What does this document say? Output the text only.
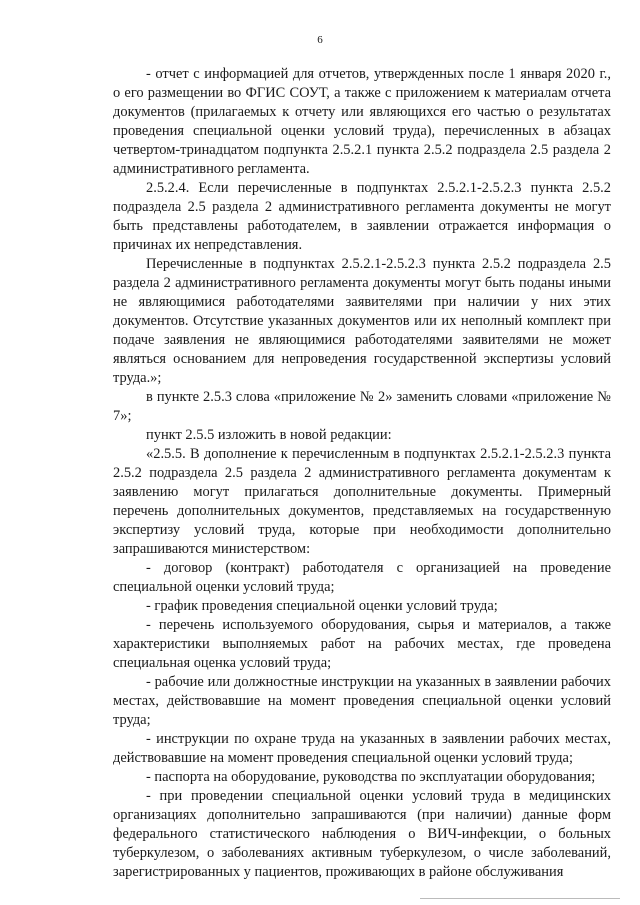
6

- отчет с информацией для отчетов, утвержденных после 1 января 2020 г., о его размещении во ФГИС СОУТ, а также с приложением к материалам отчета документов (прилагаемых к отчету или являющихся его частью о результатах проведения специальной оценки условий труда), перечисленных в абзацах четвертом-тринадцатом подпункта 2.5.2.1 пункта 2.5.2 подраздела 2.5 раздела 2 административного регламента.

2.5.2.4. Если перечисленные в подпунктах 2.5.2.1-2.5.2.3 пункта 2.5.2 подраздела 2.5 раздела 2 административного регламента документы не могут быть представлены работодателем, в заявлении отражается информация о причинах их непредставления.

Перечисленные в подпунктах 2.5.2.1-2.5.2.3 пункта 2.5.2 подраздела 2.5 раздела 2 административного регламента документы могут быть поданы иными не являющимися работодателями заявителями при наличии у них этих документов. Отсутствие указанных документов или их неполный комплект при подаче заявления не являющимися работодателями заявителями не может являться основанием для непроведения государственной экспертизы условий труда.»;

в пункте 2.5.3 слова «приложение № 2» заменить словами «приложение № 7»;

пункт 2.5.5 изложить в новой редакции:

«2.5.5. В дополнение к перечисленным в подпунктах 2.5.2.1-2.5.2.3 пункта 2.5.2 подраздела 2.5 раздела 2 административного регламента документам к заявлению могут прилагаться дополнительные документы. Примерный перечень дополнительных документов, представляемых на государственную экспертизу условий труда, которые при необходимости дополнительно запрашиваются министерством:

- договор (контракт) работодателя с организацией на проведение специальной оценки условий труда;

- график проведения специальной оценки условий труда;

- перечень используемого оборудования, сырья и материалов, а также характеристики выполняемых работ на рабочих местах, где проведена специальная оценка условий труда;

- рабочие или должностные инструкции на указанных в заявлении рабочих местах, действовавшие на момент проведения специальной оценки условий труда;

- инструкции по охране труда на указанных в заявлении рабочих местах, действовавшие на момент проведения специальной оценки условий труда;

- паспорта на оборудование, руководства по эксплуатации оборудования;

- при проведении специальной оценки условий труда в медицинских организациях дополнительно запрашиваются (при наличии) данные форм федерального статистического наблюдения о ВИЧ-инфекции, о больных туберкулезом, о заболеваниях активным туберкулезом, о числе заболеваний, зарегистрированных у пациентов, проживающих в районе обслуживания
